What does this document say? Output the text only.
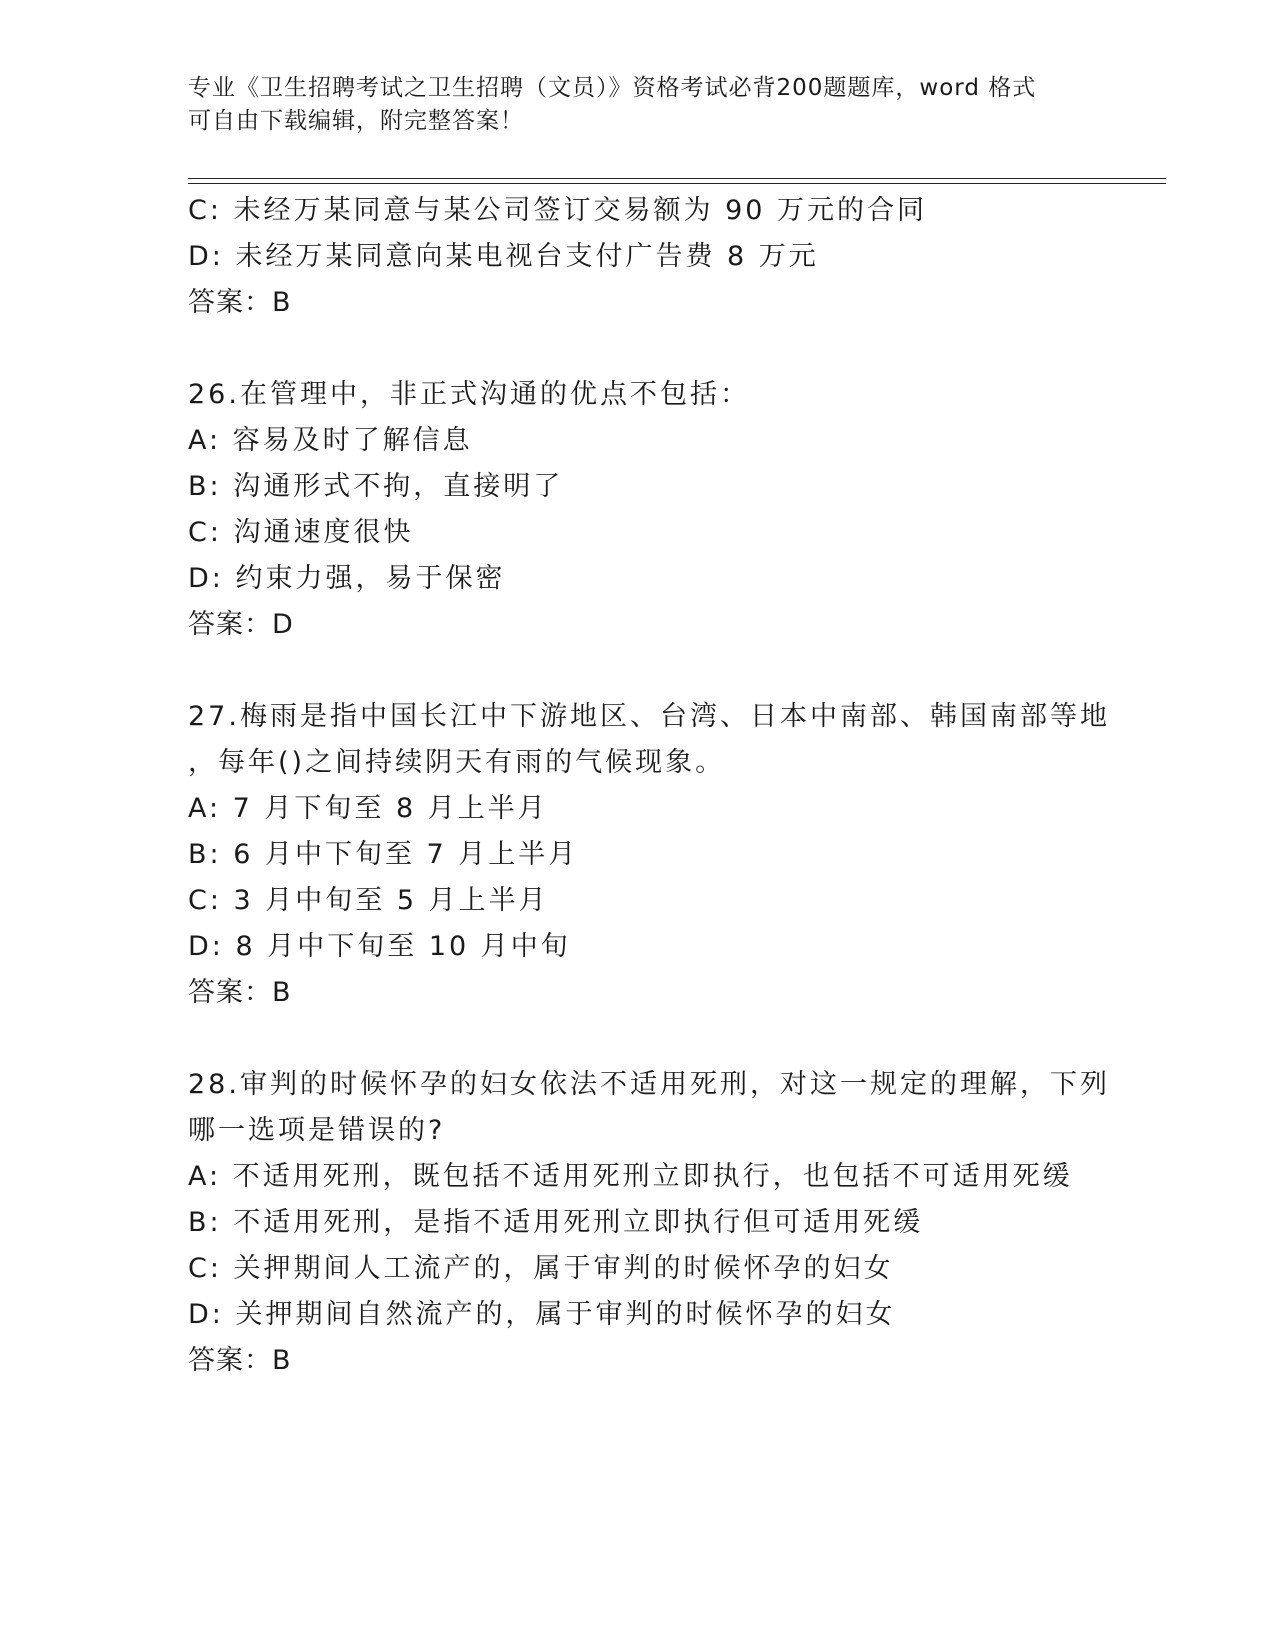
专业《卫生招聘考试之卫生招聘（文员）》资格考试必背200题题库，word 格式
可自由下载编辑，附完整答案！
C: 未经万某同意与某公司签订交易额为 90 万元的合同
D: 未经万某同意向某电视台支付广告费 8 万元
答案：B
26.在管理中，非正式沟通的优点不包括：
A: 容易及时了解信息
B: 沟通形式不拘，直接明了
C: 沟通速度很快
D: 约束力强，易于保密
答案：D
27.梅雨是指中国长江中下游地区、台湾、日本中南部、韩国南部等地
，每年()之间持续阴天有雨的气候现象。
A: 7 月下旬至 8 月上半月
B: 6 月中下旬至 7 月上半月
C: 3 月中旬至 5 月上半月
D: 8 月中下旬至 10 月中旬
答案：B
28.审判的时候怀孕的妇女依法不适用死刑，对这一规定的理解，下列
哪一选项是错误的?
A: 不适用死刑，既包括不适用死刑立即执行，也包括不可适用死缓
B: 不适用死刑，是指不适用死刑立即执行但可适用死缓
C: 关押期间人工流产的，属于审判的时候怀孕的妇女
D: 关押期间自然流产的，属于审判的时候怀孕的妇女
答案：B
